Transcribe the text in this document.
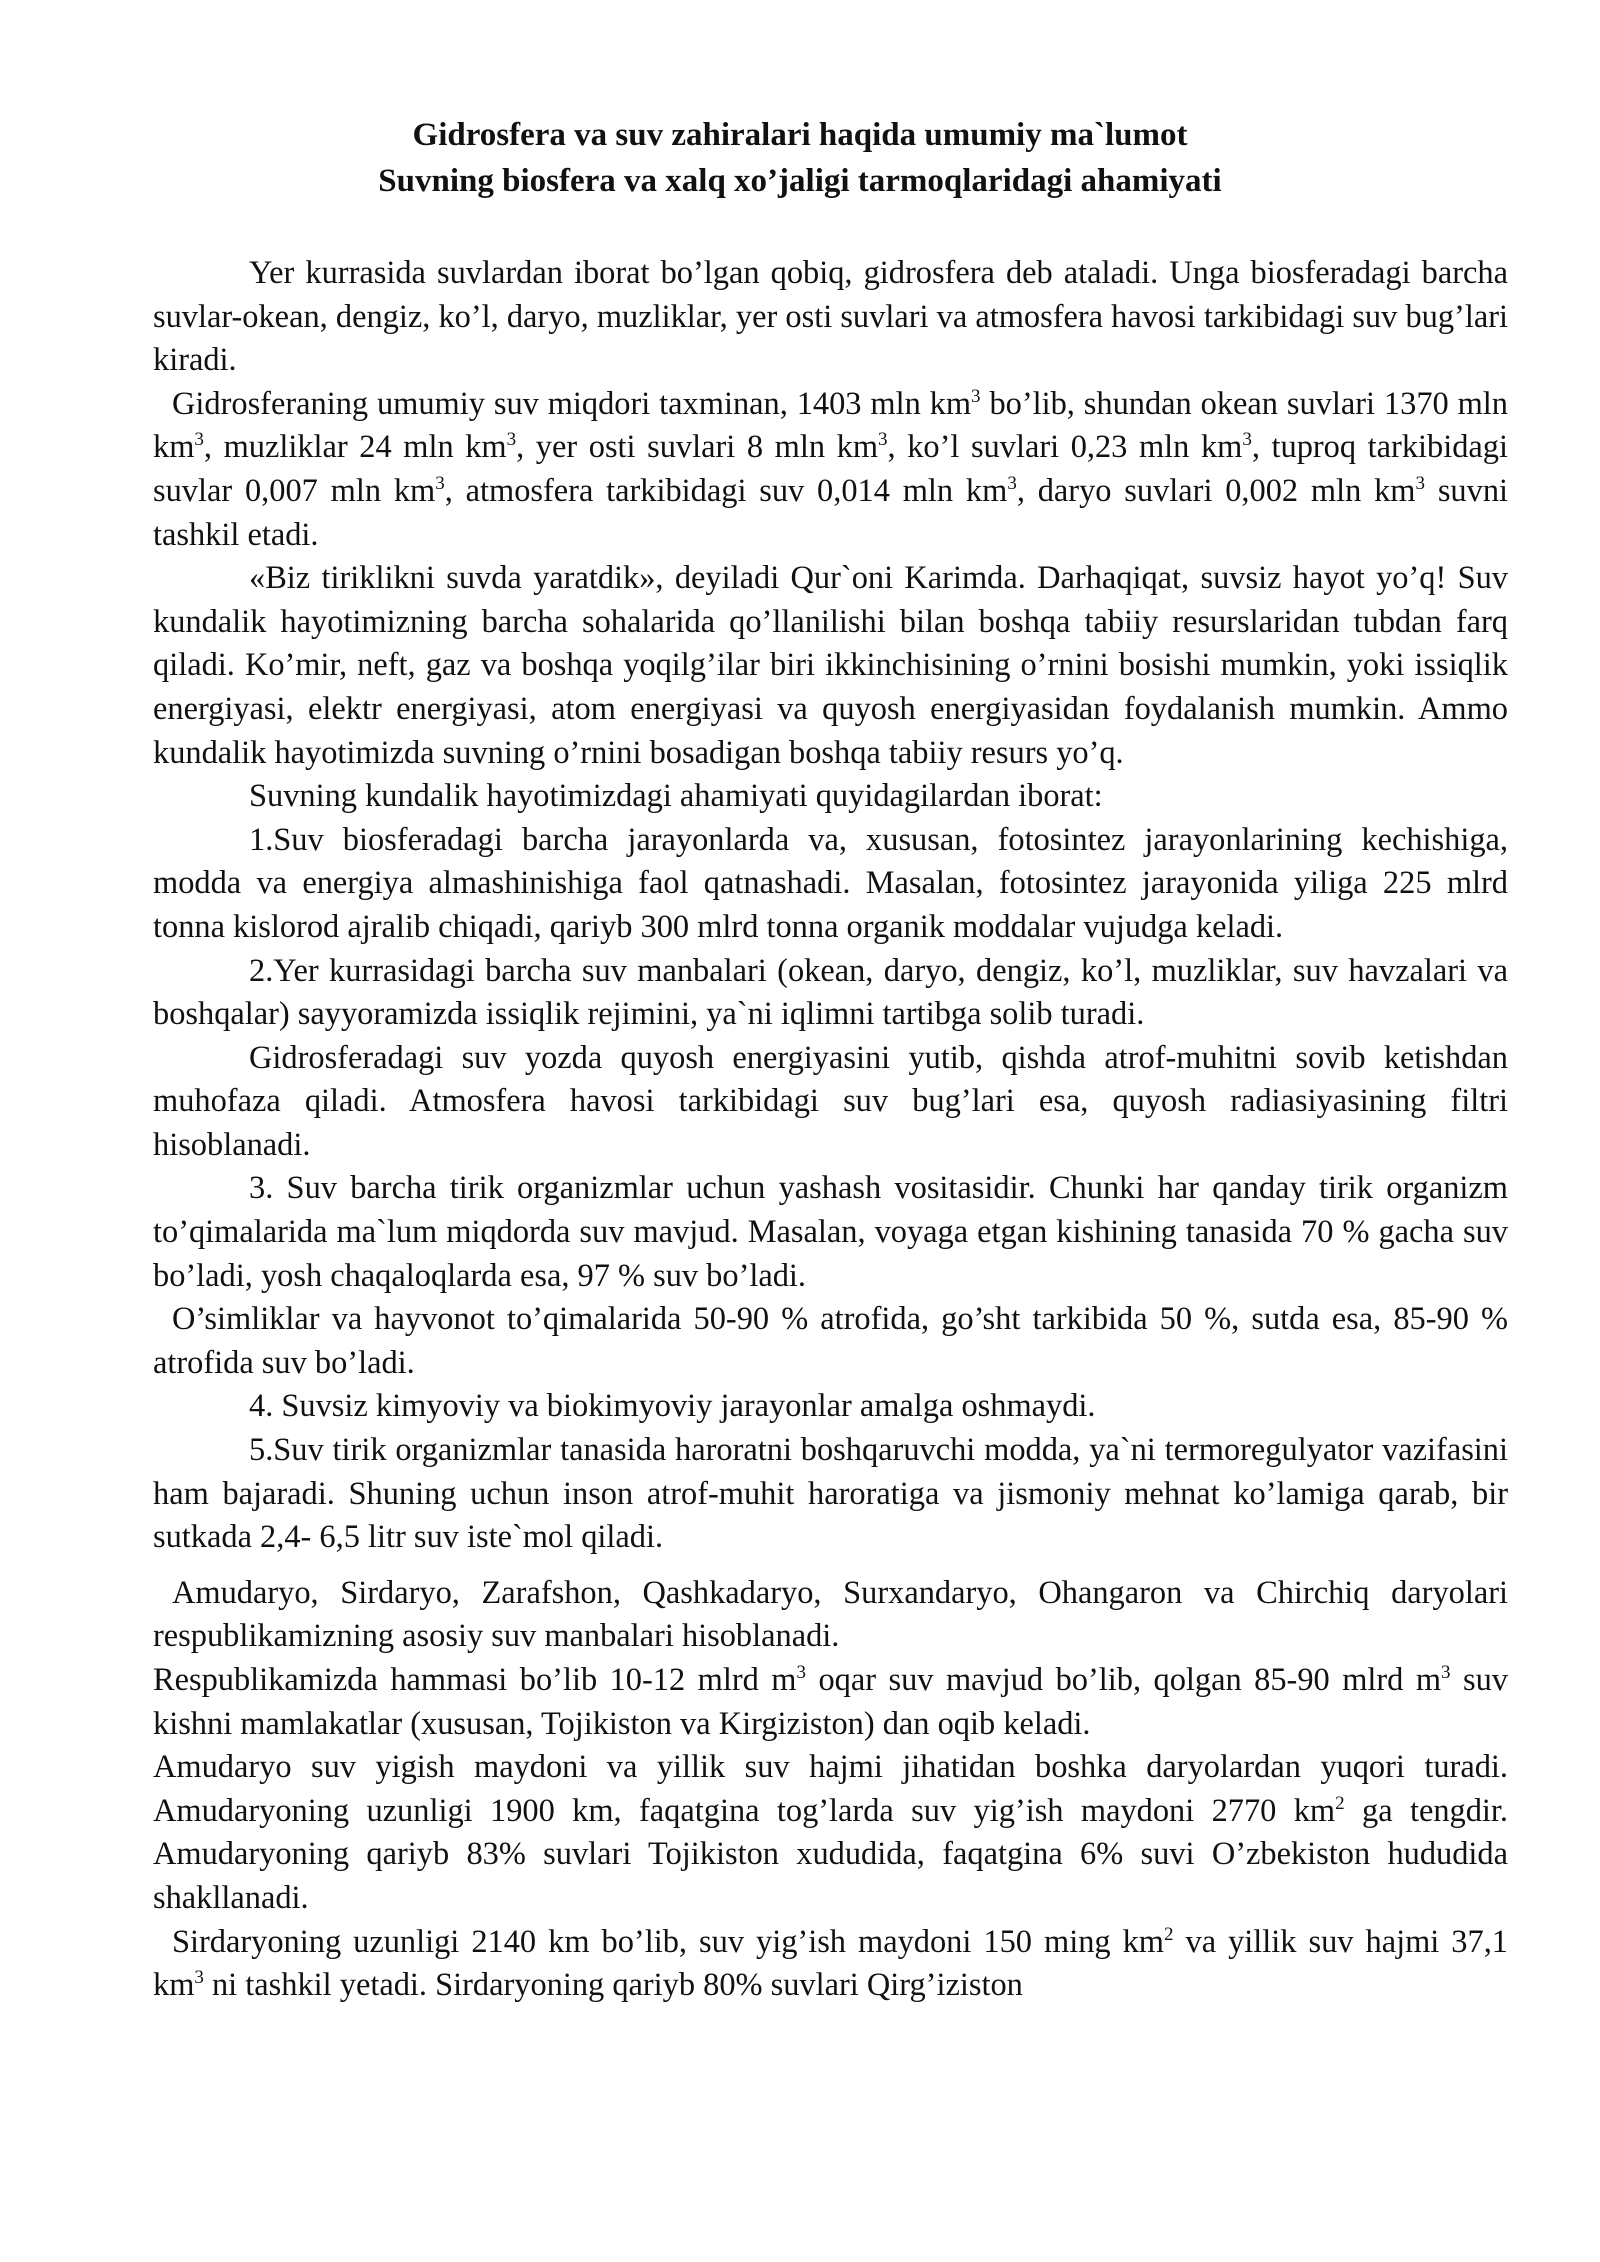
Gidrosfera va suv zahiralari haqida umumiy ma`lumot

Suvning biosfera va xalq xo’jaligi tarmoqlaridagi ahamiyati

Yer kurrasida suvlardan iborat bo’lgan qobiq, gidrosfera deb ataladi. Unga biosferadagi barcha suvlar-okean, dengiz, ko’l, daryo, muzliklar, yer osti suvlari va atmosfera havosi tarkibidagi suv bug’lari kiradi.

Gidrosferaning umumiy suv miqdori taxminan, 1403 mln $km^3$ bo’lib, shundan okean suvlari 1370 mln $km^3$, muzliklar 24 mln $km^3$, yer osti suvlari 8 mln $km^3$, ko’l suvlari 0,23 mln $km^3$, tuproq tarkibidagi suvlar 0,007 mln $km^3$, atmosfera tarkibidagi suv 0,014 mln $km^3$, daryo suvlari 0,002 mln $km^3$ suvni tashkil etadi.

«Biz tiriklikni suvda yaratdik», deyiladi Qur`oni Karimda. Darhaqiqat, suvsiz hayot yo’q! Suv kundalik hayotimizning barcha sohalarida qo’llanilishi bilan boshqa tabiiy resurslaridan tubdan farq qiladi. Ko’mir, neft, gaz va boshqa yoqilg’ilar biri ikkinchisining o’rnini bosishi mumkin, yoki issiqlik energiyasi, elektr energiyasi, atom energiyasi va quyosh energiyasidan foydalanish mumkin. Ammo kundalik hayotimizda suvning o’rnini bosadigan boshqa tabiiy resurs yo’q.

Suvning kundalik hayotimizdagi ahamiyati quyidagilardan iborat:

1.Suv biosferadagi barcha jarayonlarda va, xususan, fotosintez jarayonlarining kechishiga, modda va energiya almashinishiga faol qatnashadi. Masalan, fotosintez jarayonida yiliga 225 mlrd tonna kislorod ajralib chiqadi, qariyb 300 mlrd tonna organik moddalar vujudga keladi.

2.Yer kurrasidagi barcha suv manbalari (okean, daryo, dengiz, ko’l, muzliklar, suv havzalari va boshqalar) sayyoramizda issiqlik rejimini, ya`ni iqlimni tartibga solib turadi.

Gidrosferadagi suv yozda quyosh energiyasini yutib, qishda atrof-muhitni sovib ketishdan muhofaza qiladi. Atmosfera havosi tarkibidagi suv bug’lari esa, quyosh radiasiyasining filtri hisoblanadi.

3. Suv barcha tirik organizmlar uchun yashash vositasidir. Chunki har qanday tirik organizm to’qimalarida ma`lum miqdorda suv mavjud. Masalan, voyaga etgan kishining tanasida 70 % gacha suv bo’ladi, yosh chaqaloqlarda esa, 97 % suv bo’ladi.

O’simliklar va hayvonot to’qimalarida 50-90 % atrofida, go’sht tarkibida 50 %, sutda esa, 85-90 % atrofida suv bo’ladi.

4. Suvsiz kimyoviy va biokimyoviy jarayonlar amalga oshmaydi.

5.Suv tirik organizmlar tanasida haroratni boshqaruvchi modda, ya`ni termoregulyator vazifasini ham bajaradi. Shuning uchun inson atrof-muhit haroratiga va jismoniy mehnat ko’lamiga qarab, bir sutkada 2,4- 6,5 litr suv iste`mol qiladi.

Amudaryo, Sirdaryo, Zarafshon, Qashkadaryo, Surxandaryo, Ohangaron va Chirchiq daryolari respublikamizning asosiy suv manbalari hisoblanadi.

Respublikamizda hammasi bo’lib 10-12 mlrd $m^3$ oqar suv mavjud bo’lib, qolgan 85-90 mlrd $m^3$ suv kishni mamlakatlar (xususan, Tojikiston va Kirgiziston) dan oqib keladi.

Amudaryo suv yigish maydoni va yillik suv hajmi jihatidan boshka daryolardan yuqori turadi. Amudaryoning uzunligi 1900 km, faqatgina tog’larda suv yig’ish maydoni 2770 $km^2$ ga tengdir. Amudaryoning qariyb 83% suvlari Tojikiston xududida, faqatgina 6% suvi O’zbekiston hududida shakllanadi.

Sirdaryoning uzunligi 2140 km bo’lib, suv yig’ish maydoni 150 ming $km^2$ va yillik suv hajmi 37,1 $km^3$ ni tashkil yetadi. Sirdaryoning qariyb 80% suvlari Qirg’iziston
